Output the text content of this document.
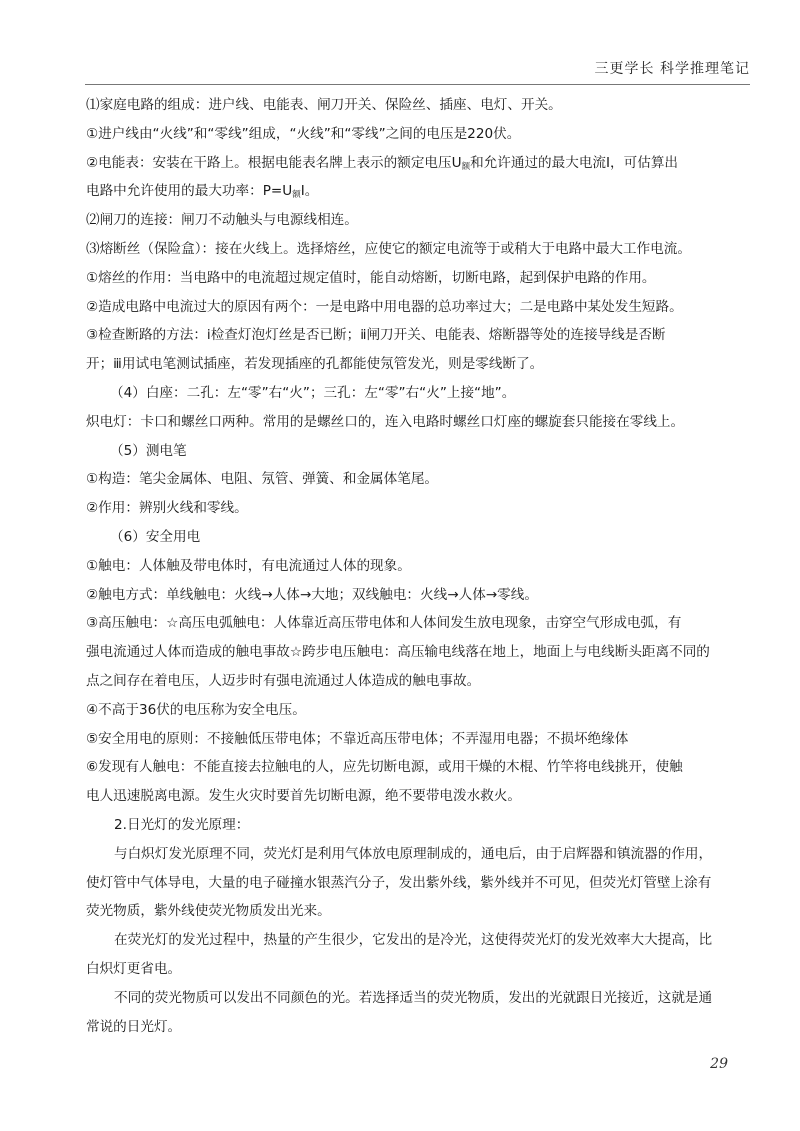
三更学长 科学推理笔记
⑴家庭电路的组成：进户线、电能表、闸刀开关、保险丝、插座、电灯、开关。
①进户线由“火线”和“零线”组成，“火线”和“零线”之间的电压是220伏。
②电能表：安装在干路上。根据电能表名牌上表示的额定电压$U_额$和允许通过的最大电流I，可估算出
电路中允许使用的最大功率：$P=U_额I$。
⑵闸刀的连接：闸刀不动触头与电源线相连。
⑶熔断丝（保险盒）：接在火线上。选择熔丝，应使它的额定电流等于或稍大于电路中最大工作电流。
①熔丝的作用：当电路中的电流超过规定值时，能自动熔断，切断电路，起到保护电路的作用。
②造成电路中电流过大的原因有两个：一是电路中用电器的总功率过大；二是电路中某处发生短路。
③检查断路的方法：ⅰ检查灯泡灯丝是否已断；ⅱ闸刀开关、电能表、熔断器等处的连接导线是否断
开；ⅲ用试电笔测试插座，若发现插座的孔都能使氖管发光，则是零线断了。
（4）白座：二孔：左“零”右“火”；三孔：左“零”右“火”上接“地”。
炽电灯：卡口和螺丝口两种。常用的是螺丝口的，连入电路时螺丝口灯座的螺旋套只能接在零线上。
（5）测电笔
①构造：笔尖金属体、电阻、氖管、弹簧、和金属体笔尾。
②作用：辨别火线和零线。
（6）安全用电
①触电：人体触及带电体时，有电流通过人体的现象。
②触电方式：单线触电：火线→人体→大地；双线触电：火线→人体→零线。
③高压触电：☆高压电弧触电：人体靠近高压带电体和人体间发生放电现象，击穿空气形成电弧，有
强电流通过人体而造成的触电事故☆跨步电压触电：高压输电线落在地上，地面上与电线断头距离不同的
点之间存在着电压，人迈步时有强电流通过人体造成的触电事故。
④不高于36伏的电压称为安全电压。
⑤安全用电的原则：不接触低压带电体；不靠近高压带电体；不弄湿用电器；不损坏绝缘体
⑥发现有人触电：不能直接去拉触电的人，应先切断电源，或用干燥的木棍、竹竿将电线挑开，使触
电人迅速脱离电源。发生火灾时要首先切断电源，绝不要带电泼水救火。
2.日光灯的发光原理：
与白炽灯发光原理不同，荧光灯是利用气体放电原理制成的，通电后，由于启辉器和镇流器的作用，
使灯管中气体导电，大量的电子碰撞水银蒸汽分子，发出紫外线，紫外线并不可见，但荧光灯管壁上涂有
荧光物质，紫外线使荧光物质发出光来。
在荧光灯的发光过程中，热量的产生很少，它发出的是冷光，这使得荧光灯的发光效率大大提高，比
白炽灯更省电。
不同的荧光物质可以发出不同颜色的光。若选择适当的荧光物质，发出的光就跟日光接近，这就是通
常说的日光灯。
29
